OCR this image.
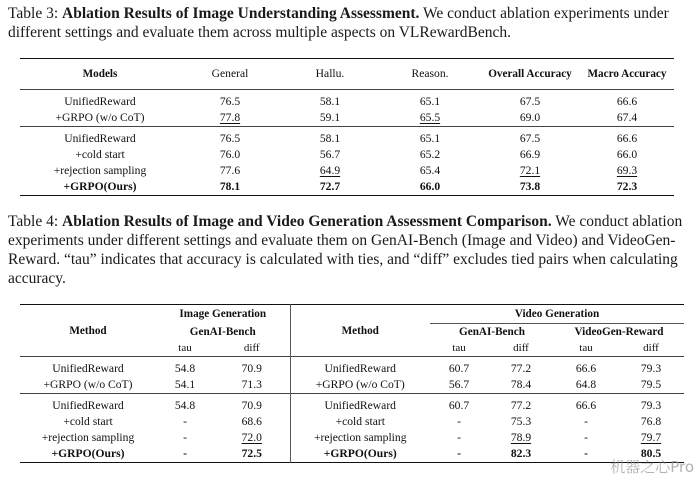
Table 3: Ablation Results of Image Understanding Assessment. We conduct ablation experiments under different settings and evaluate them across multiple aspects on VLRewardBench.
Models	General	Hallu.	Reason.	Overall Accuracy	Macro Accuracy

UnifiedReward	76.5	58.1	65.1	67.5	66.6
+GRPO (w/o CoT)	77.8	59.1	65.5	69.0	67.4

UnifiedReward	76.5	58.1	65.1	67.5	66.6
+cold start	76.0	56.7	65.2	66.9	66.0
+rejection sampling	77.6	64.9	65.4	72.1	69.3
+GRPO(Ours)	78.1	72.7	66.0	73.8	72.3

Table 4: Ablation Results of Image and Video Generation Assessment Comparison. We conduct ablation experiments under different settings and evaluate them on GenAI-Bench (Image and Video) and VideoGen-Reward. “tau” indicates that accuracy is calculated with ties, and “diff” excludes tied pairs when calculating accuracy.
Method	Image Generation		Method	Video Generation			
	GenAI-Bench			GenAI-Bench		VideoGen-Reward	
	tau	diff		tau	diff	tau	diff

UnifiedReward	54.8	70.9	UnifiedReward	60.7	77.2	66.6	79.3
+GRPO (w/o CoT)	54.1	71.3	+GRPO (w/o CoT)	56.7	78.4	64.8	79.5

UnifiedReward	54.8	70.9	UnifiedReward	60.7	77.2	66.6	79.3
+cold start	-	68.6	+cold start	-	75.3	-	76.8
+rejection sampling	-	72.0	+rejection sampling	-	78.9	-	79.7
+GRPO(Ours)	-	72.5	+GRPO(Ours)	-	82.3	-	80.5

机器之心Pro
